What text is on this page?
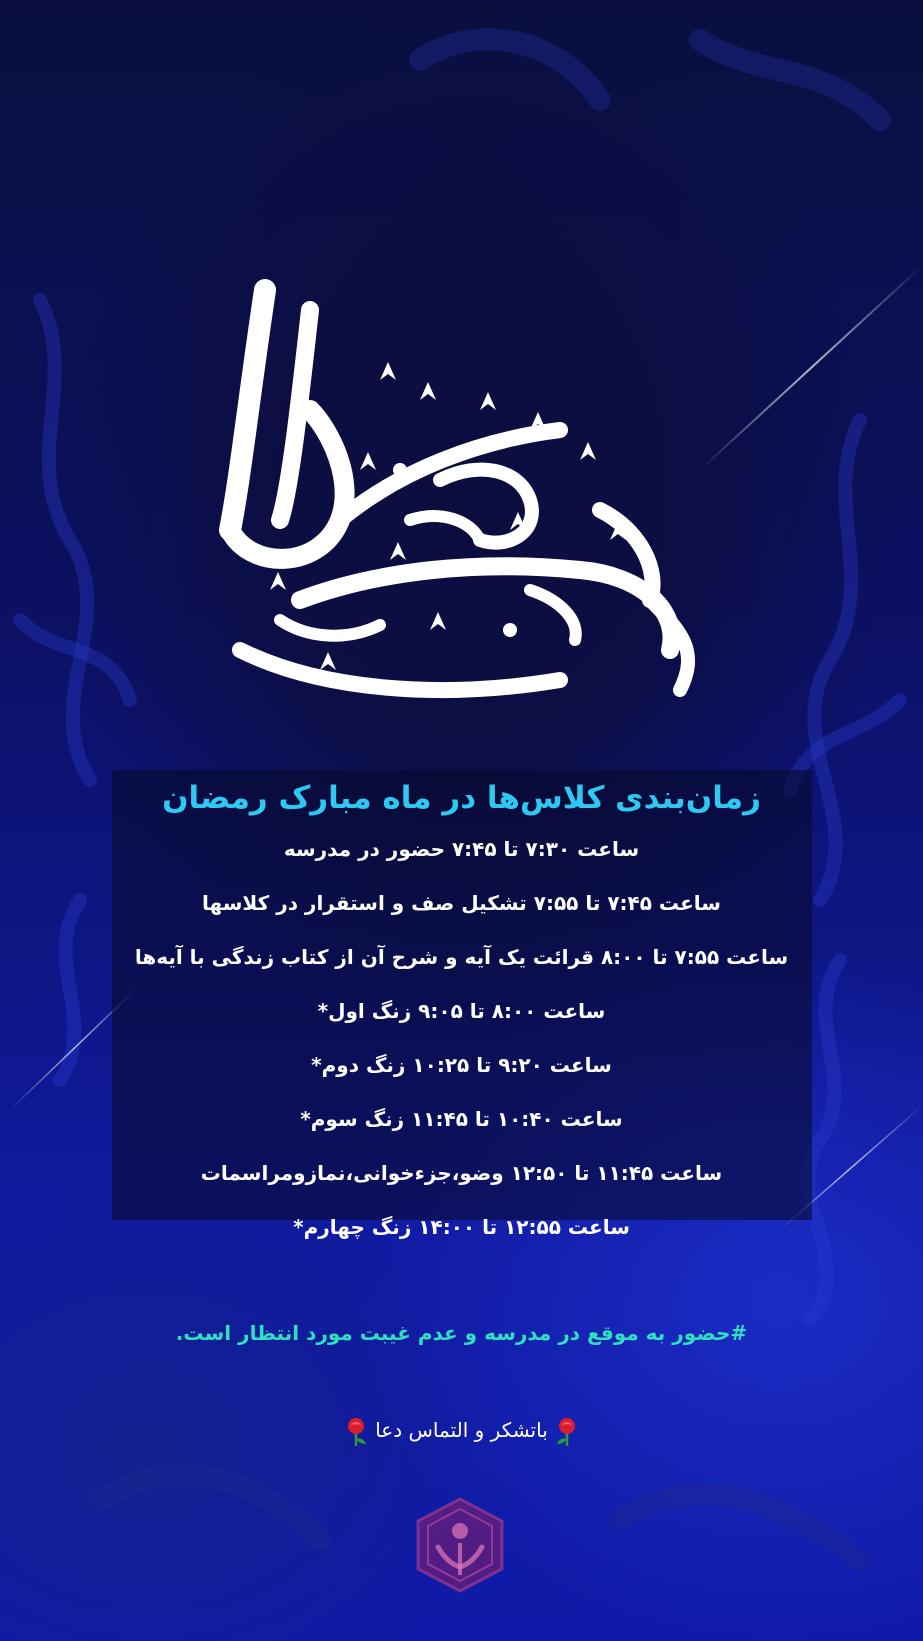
زمان‌بندی کلاس‌ها در ماه مبارک رمضان
ساعت ۷:۳۰ تا ۷:۴۵ حضور در مدرسه
ساعت ۷:۴۵ تا ۷:۵۵ تشکیل صف و استقرار در کلاسها
ساعت ۷:۵۵ تا ۸:۰۰ قرائت یک آیه و شرح آن از کتاب زندگی با آیه‌ها
ساعت ۸:۰۰ تا ۹:۰۵ زنگ اول*
ساعت ۹:۲۰ تا ۱۰:۲۵ زنگ دوم*
ساعت ۱۰:۴۰ تا ۱۱:۴۵ زنگ سوم*
ساعت ۱۱:۴۵ تا ۱۲:۵۰ وضو،جزءخوانی،نمازومراسمات
ساعت ۱۲:۵۵ تا ۱۴:۰۰ زنگ چهارم*
#حضور به موقع در مدرسه و عدم غیبت مورد انتظار است.
باتشکر و التماس دعا
